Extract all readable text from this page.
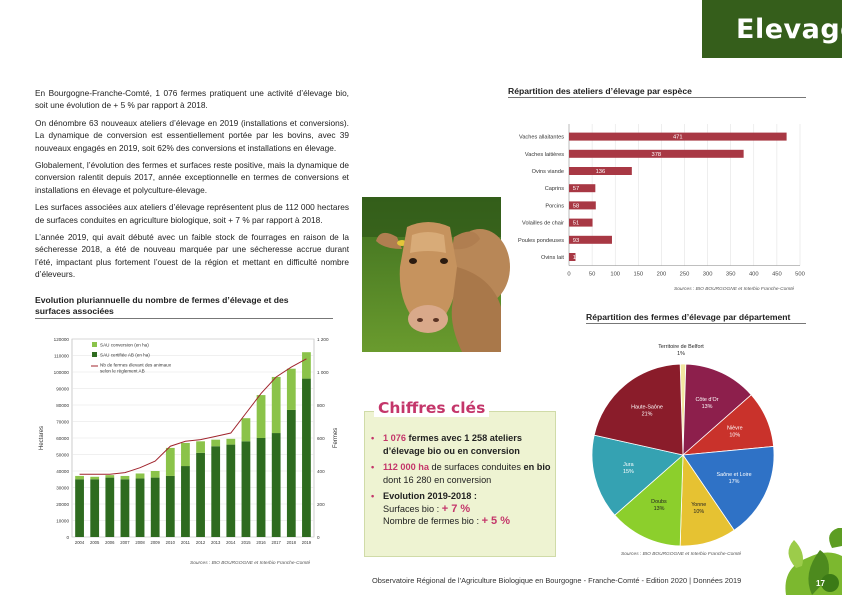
Elevage

En Bourgogne-Franche-Comté, 1 076 fermes pratiquent une activité d’élevage bio, soit une évolution de + 5 % par rapport à 2018.

On dénombre 63 nouveaux ateliers d’élevage en 2019 (installations et conversions). La dynamique de conversion est essentiellement portée par les bovins, avec 39 nouveaux engagés en 2019, soit 62% des conversions et installations en élevage.

Globalement, l’évolution des fermes et surfaces reste positive, mais la dynamique de conversion ralentit depuis 2017, année exceptionnelle en termes de conversions et installations en élevage et polyculture-élevage.

Les surfaces associées aux ateliers d’élevage représentent plus de 112 000 hectares de surfaces conduites en agriculture biologique, soit + 7 % par rapport à 2018.

L’année 2019, qui avait débuté avec un faible stock de fourrages en raison de la sécheresse 2018, a été de nouveau marquée par une sécheresse accrue durant l’été, impactant plus fortement l’ouest de la région et mettant en difficulté nombre d’éleveurs.

Répartition des ateliers d’élevage par espèce
0	50	100 150 200 250 300 350 400 450 500
Vaches allaitantes	471
Vaches laitières	378
Ovins viande	136
Caprins 57
Porcins 58
Volailles de chair 51
Poules pondeuses 93
Ovins lait 14
Sources : BIO BOURGOGNE et Interbio Franche-Comté
Evolution pluriannuelle du nombre de fermes d’élevage et des
surfaces associées
0
10000
20000
30000
40000
50000
60000
70000
80000
90000
100000
110000
120000
0
200
400
600
800
1 000
1 200
Hectares	Fermes
2004 2005 2006 2007 2008 2009 2010 2011 2012 2013 2014 2015 2016 2017 2018 2019
SAU conversion (en ha)
SAU certifiée AB (en ha)
Nb de fermes élevant des animaux
selon le règlement AB
Sources : BIO BOURGOGNE et Interbio Franche-Comté
Chiffres clés
• 1 076 fermes avec 1 258 ateliers d’élevage bio ou en conversion
• 112 000 ha de surfaces conduites en bio dont 16 280 en conversion
• Evolution 2019-2018 :
Surfaces bio : + 7 %
Nombre de fermes bio : + 5 %
Répartition des fermes d’élevage par département
Territoire de Belfort
1%
Côte d’Or
13%
Nièvre
10%
Saône et Loire
17%
Yonne
10%
Doubs
13%
Jura
15%
Haute-Saône
21%
Sources : BIO BOURGOGNE et Interbio Franche-Comté
17
Observatoire Régional de l’Agriculture Biologique en Bourgogne - Franche-Comté - Edition 2020 | Données 2019
